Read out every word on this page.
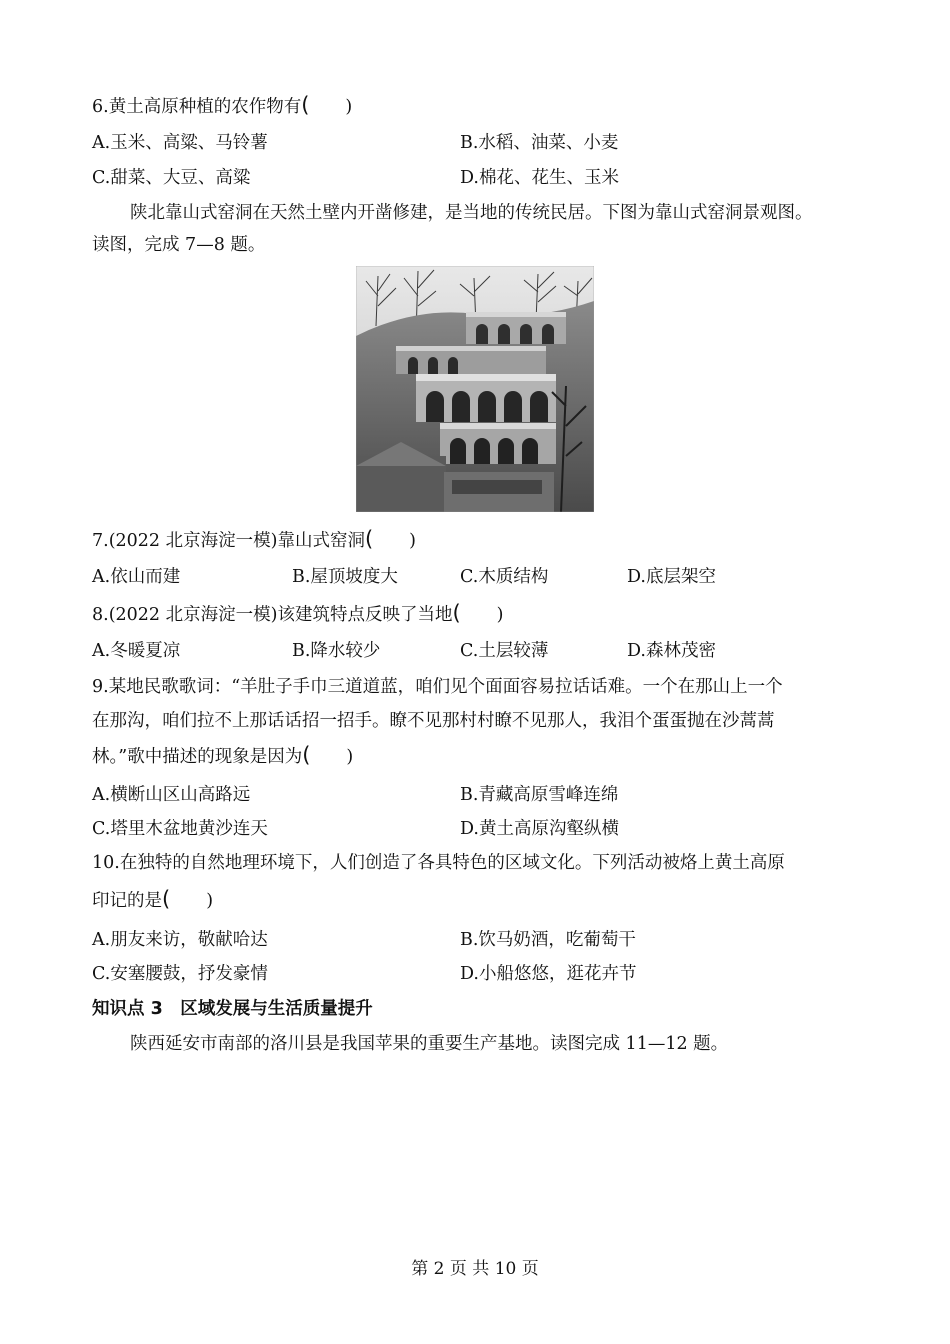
6.黄土高原种植的农作物有( )
A.玉米、高粱、马铃薯	B.水稻、油菜、小麦
C.甜菜、大豆、高粱	D.棉花、花生、玉米
陕北靠山式窑洞在天然土壁内开凿修建，是当地的传统民居。下图为靠山式窑洞景观图。
读图，完成 7—8 题。
7.(2022 北京海淀一模)靠山式窑洞( )
A.依山而建	B.屋顶坡度大	C.木质结构	D.底层架空
8.(2022 北京海淀一模)该建筑特点反映了当地( )
A.冬暖夏凉	B.降水较少	C.土层较薄	D.森林茂密
9.某地民歌歌词：“羊肚子手巾三道道蓝，咱们见个面面容易拉话话难。一个在那山上一个
在那沟，咱们拉不上那话话招一招手。瞭不见那村村瞭不见那人，我泪个蛋蛋抛在沙蒿蒿
林。”歌中描述的现象是因为( )
A.横断山区山高路远	B.青藏高原雪峰连绵
C.塔里木盆地黄沙连天	D.黄土高原沟壑纵横
10.在独特的自然地理环境下，人们创造了各具特色的区域文化。下列活动被烙上黄土高原
印记的是( )
A.朋友来访，敬献哈达	B.饮马奶酒，吃葡萄干
C.安塞腰鼓，抒发豪情	D.小船悠悠，逛花卉节
知识点 3　区域发展与生活质量提升
陕西延安市南部的洛川县是我国苹果的重要生产基地。读图完成 11—12 题。
第 2 页 共 10 页
